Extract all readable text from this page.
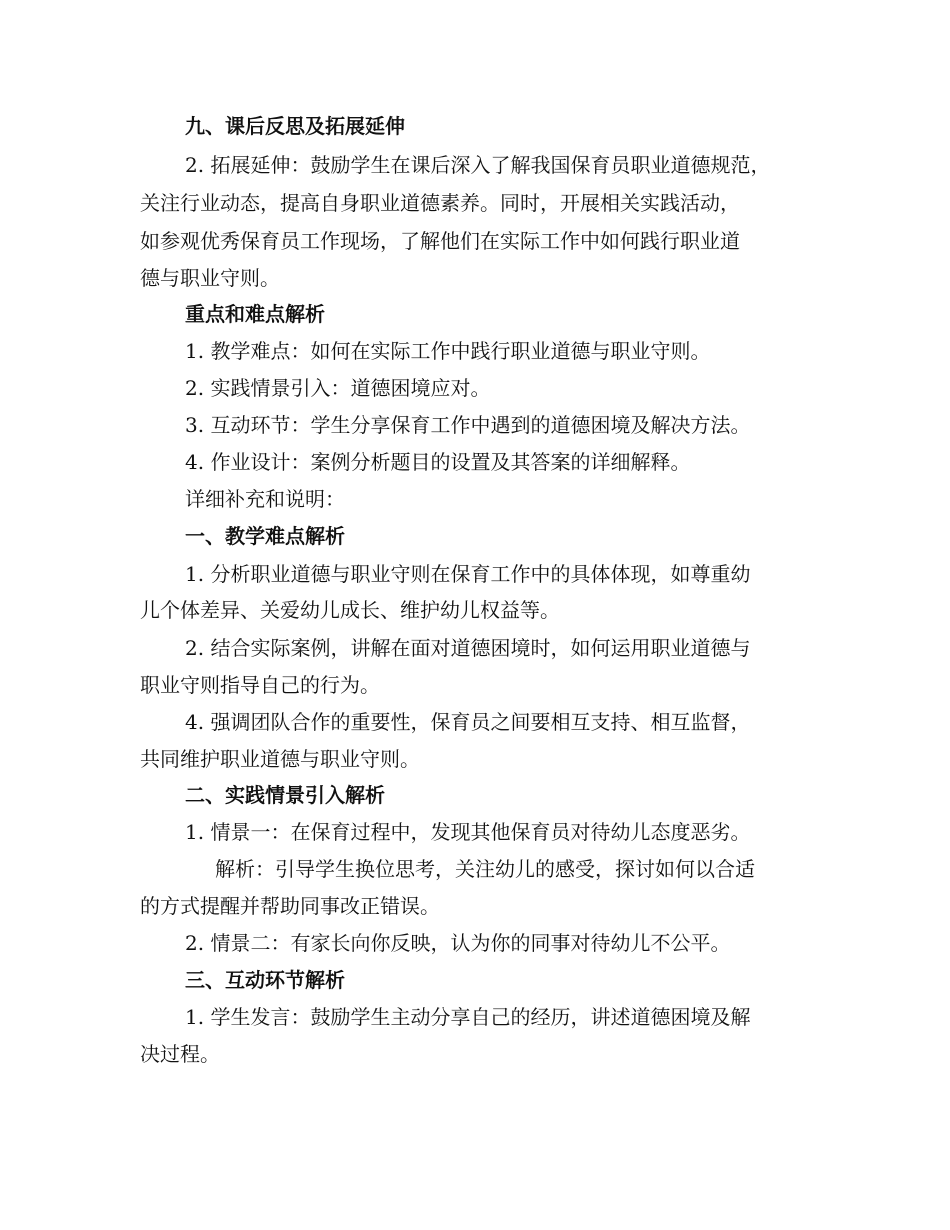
九、课后反思及拓展延伸
2. 拓展延伸：鼓励学生在课后深入了解我国保育员职业道德规范，
关注行业动态，提高自身职业道德素养。同时，开展相关实践活动，
如参观优秀保育员工作现场，了解他们在实际工作中如何践行职业道
德与职业守则。
重点和难点解析
1. 教学难点：如何在实际工作中践行职业道德与职业守则。
2. 实践情景引入：道德困境应对。
3. 互动环节：学生分享保育工作中遇到的道德困境及解决方法。
4. 作业设计：案例分析题目的设置及其答案的详细解释。
详细补充和说明：
一、教学难点解析
1. 分析职业道德与职业守则在保育工作中的具体体现，如尊重幼
儿个体差异、关爱幼儿成长、维护幼儿权益等。
2. 结合实际案例，讲解在面对道德困境时，如何运用职业道德与
职业守则指导自己的行为。
4. 强调团队合作的重要性，保育员之间要相互支持、相互监督，
共同维护职业道德与职业守则。
二、实践情景引入解析
1. 情景一：在保育过程中，发现其他保育员对待幼儿态度恶劣。
解析：引导学生换位思考，关注幼儿的感受，探讨如何以合适
的方式提醒并帮助同事改正错误。
2. 情景二：有家长向你反映，认为你的同事对待幼儿不公平。
三、互动环节解析
1. 学生发言：鼓励学生主动分享自己的经历，讲述道德困境及解
决过程。
